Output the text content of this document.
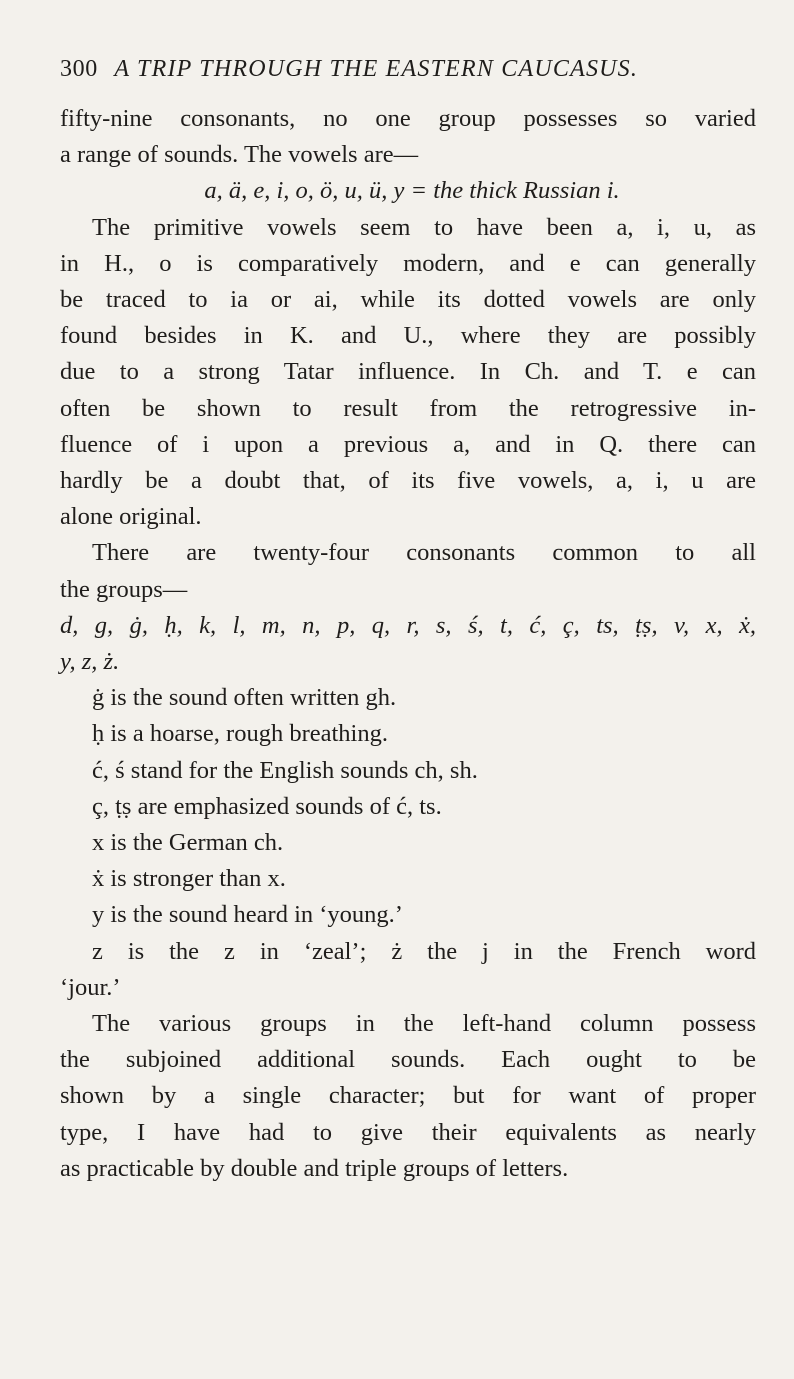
300 A TRIP THROUGH THE EASTERN CAUCASUS.

fifty-nine consonants, no one group possesses so varied
a range of sounds. The vowels are—

a, ä, e, i, o, ö, u, ü, y = the thick Russian i.

The primitive vowels seem to have been a, i, u, as
in H., o is comparatively modern, and e can generally
be traced to ia or ai, while its dotted vowels are only
found besides in K. and U., where they are possibly
due to a strong Tatar influence. In Ch. and T. e can
often be shown to result from the retrogressive in-
fluence of i upon a previous a, and in Q. there can
hardly be a doubt that, of its five vowels, a, i, u are
alone original.

There are twenty-four consonants common to all
the groups—

d, g, ġ, ḥ, k, l, m, n, p, q, r, s, ś, t, ć, ç, ts, ṭṣ, v, x, ẋ,
y, z, ż.

ġ is the sound often written gh.

ḥ is a hoarse, rough breathing.

ć, ś stand for the English sounds ch, sh.

ç, ṭṣ are emphasized sounds of ć, ts.

x is the German ch.

ẋ is stronger than x.

y is the sound heard in ‘young.’

z is the z in ‘zeal’; ż the j in the French word
‘jour.’

The various groups in the left-hand column possess
the subjoined additional sounds. Each ought to be
shown by a single character; but for want of proper
type, I have had to give their equivalents as nearly
as practicable by double and triple groups of letters.
